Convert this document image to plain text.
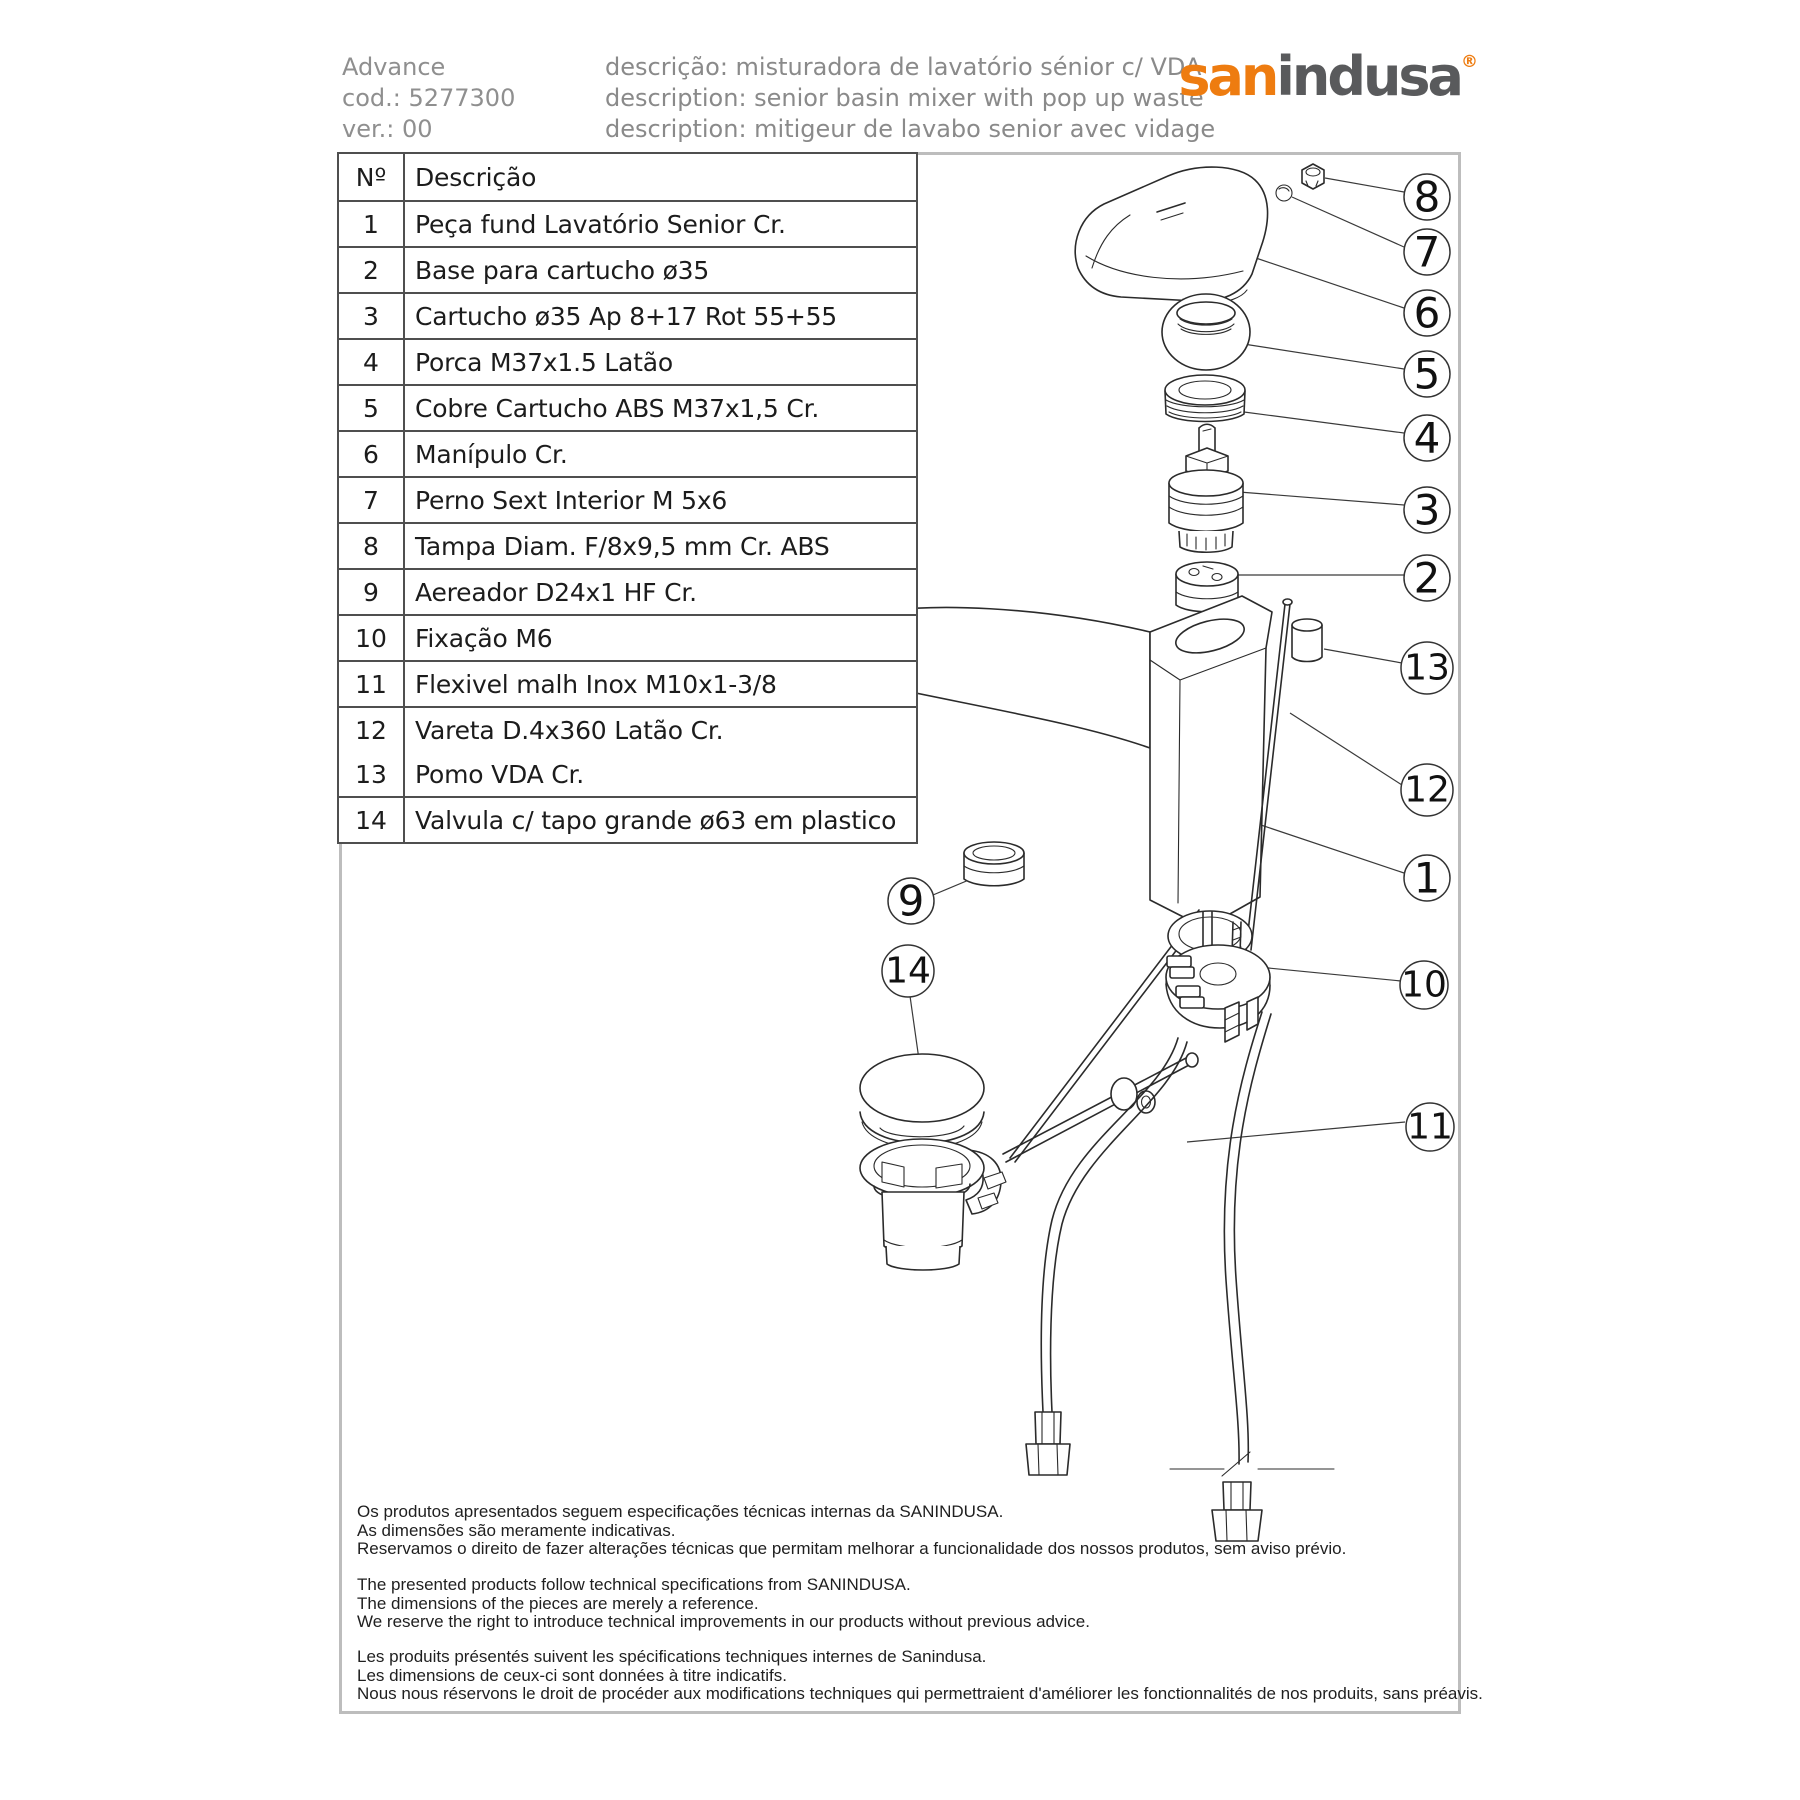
Advance
cod.: 5277300
ver.: 00
descrição: misturadora de lavatório sénior c/ VDA
description: senior basin mixer with pop up waste
description: mitigeur de lavabo senior avec vidage
sanindusa®
8
7
6
5
4
3
2
13
12
1
10
11
9
14
Nº	Descrição
1	Peça fund Lavatório Senior Cr.
2	Base para cartucho ø35
3	Cartucho ø35 Ap 8+17 Rot 55+55
4	Porca M37x1.5 Latão
5	Cobre Cartucho ABS M37x1,5 Cr.
6	Manípulo Cr.
7	Perno Sext Interior M 5x6
8	Tampa Diam. F/8x9,5 mm Cr. ABS
9	Aereador D24x1 HF Cr.
10	Fixação M6
11	Flexivel malh Inox M10x1-3/8
12	Vareta D.4x360 Latão Cr.
13	Pomo VDA Cr.
14	Valvula c/ tapo grande ø63 em plastico
Os produtos apresentados seguem especificações técnicas internas da SANINDUSA.
As dimensões são meramente indicativas.
Reservamos o direito de fazer alterações técnicas que permitam melhorar a funcionalidade dos nossos produtos, sem aviso prévio.
The presented products follow technical specifications from SANINDUSA.
The dimensions of the pieces are merely a reference.
We reserve the right to introduce technical improvements in our products without previous advice.
Les produits présentés suivent les spécifications techniques internes de Sanindusa.
Les dimensions de ceux-ci sont données à titre indicatifs.
Nous nous réservons le droit de procéder aux modifications techniques qui permettraient d'améliorer les fonctionnalités de nos produits, sans préavis.
